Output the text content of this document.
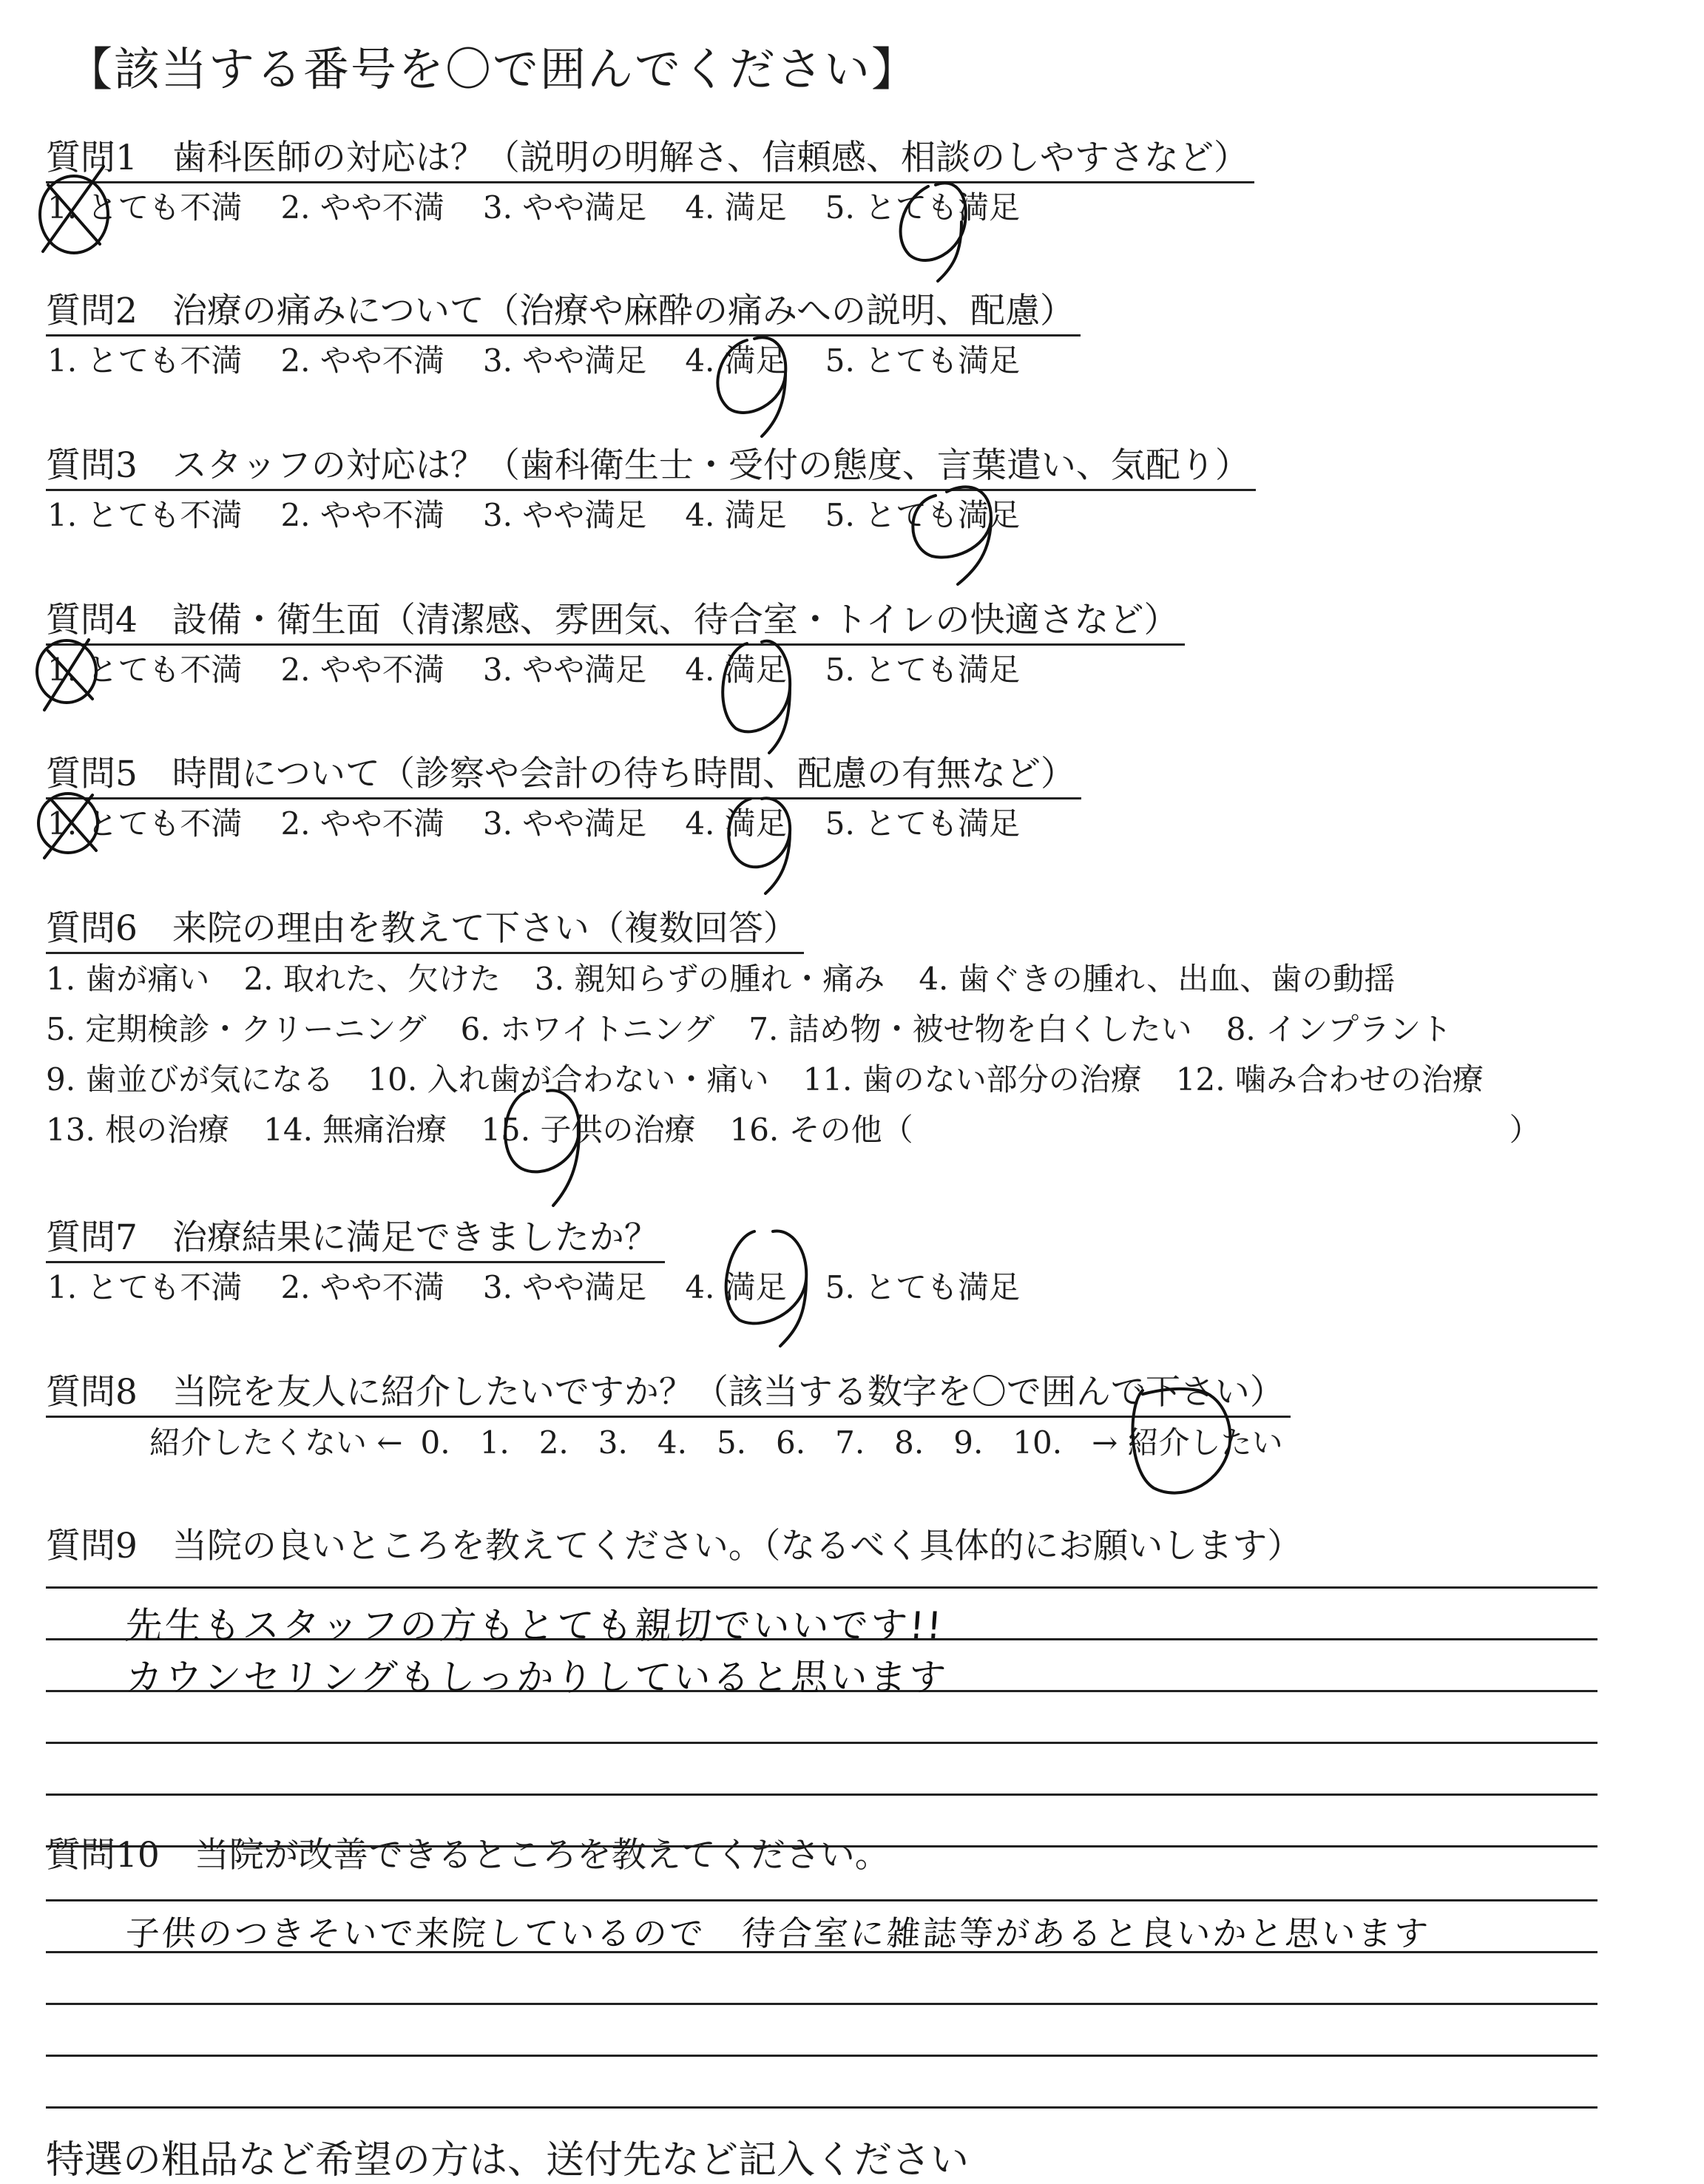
【該当する番号を〇で囲んでください】
質問1　歯科医師の対応は？（説明の明解さ、信頼感、相談のしやすさなど）
1. とても不満 2. やや不満 3. やや満足 4. 満足 5. とても満足
質問2　治療の痛みについて（治療や麻酔の痛みへの説明、配慮）
1. とても不満 2. やや不満 3. やや満足 4. 満足 5. とても満足
質問3　スタッフの対応は？（歯科衛生士・受付の態度、言葉遣い、気配り）
1. とても不満 2. やや不満 3. やや満足 4. 満足 5. とても満足
質問4　設備・衛生面（清潔感、雰囲気、待合室・トイレの快適さなど）
1. とても不満 2. やや不満 3. やや満足 4. 満足 5. とても満足
質問5　時間について（診察や会計の待ち時間、配慮の有無など）
1. とても不満 2. やや不満 3. やや満足 4. 満足 5. とても満足
質問6　来院の理由を教えて下さい（複数回答）
1. 歯が痛い 2. 取れた、欠けた 3. 親知らずの腫れ・痛み 4. 歯ぐきの腫れ、出血、歯の動揺
5. 定期検診・クリーニング 6. ホワイトニング 7. 詰め物・被せ物を白くしたい 8. インプラント
9. 歯並びが気になる 10. 入れ歯が合わない・痛い 11. 歯のない部分の治療 12. 噛み合わせの治療
13. 根の治療 14. 無痛治療 15. 子供の治療 16. その他（	）
質問7　治療結果に満足できましたか？
1. とても不満 2. やや不満 3. やや満足 4. 満足 5. とても満足
質問8　当院を友人に紹介したいですか？（該当する数字を〇で囲んで下さい）
紹介したくない ← 0. 1. 2. 3. 4. 5. 6. 7. 8. 9. 10. → 紹介したい
質問9　当院の良いところを教えてください。（なるべく具体的にお願いします）
先生もスタッフの方もとても親切でいいです!!
カウンセリングもしっかりしていると思います
質問10　当院が改善できるところを教えてください。
子供のつきそいで来院しているので　待合室に雑誌等があると良いかと思います
特選の粗品など希望の方は、送付先など記入ください
